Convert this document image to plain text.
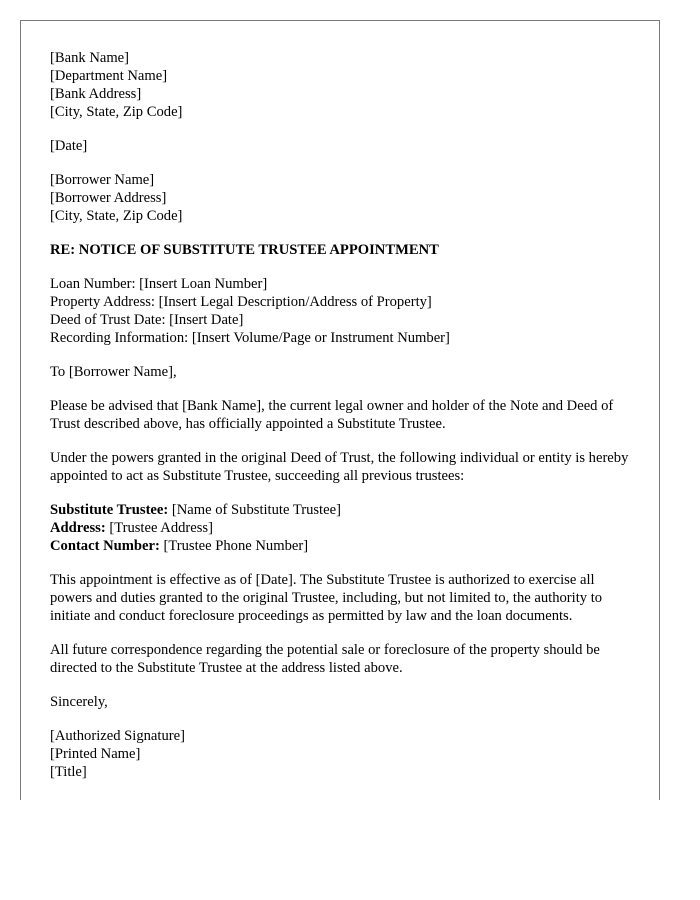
[Bank Name]
[Department Name]
[Bank Address]
[City, State, Zip Code]
[Date]
[Borrower Name]
[Borrower Address]
[City, State, Zip Code]
RE: NOTICE OF SUBSTITUTE TRUSTEE APPOINTMENT
Loan Number: [Insert Loan Number]
Property Address: [Insert Legal Description/Address of Property]
Deed of Trust Date: [Insert Date]
Recording Information: [Insert Volume/Page or Instrument Number]
To [Borrower Name],
Please be advised that [Bank Name], the current legal owner and holder of the Note and Deed of Trust described above, has officially appointed a Substitute Trustee.
Under the powers granted in the original Deed of Trust, the following individual or entity is hereby appointed to act as Substitute Trustee, succeeding all previous trustees:
Substitute Trustee: [Name of Substitute Trustee]
Address: [Trustee Address]
Contact Number: [Trustee Phone Number]
This appointment is effective as of [Date]. The Substitute Trustee is authorized to exercise all powers and duties granted to the original Trustee, including, but not limited to, the authority to initiate and conduct foreclosure proceedings as permitted by law and the loan documents.
All future correspondence regarding the potential sale or foreclosure of the property should be directed to the Substitute Trustee at the address listed above.
Sincerely,
[Authorized Signature]
[Printed Name]
[Title]
